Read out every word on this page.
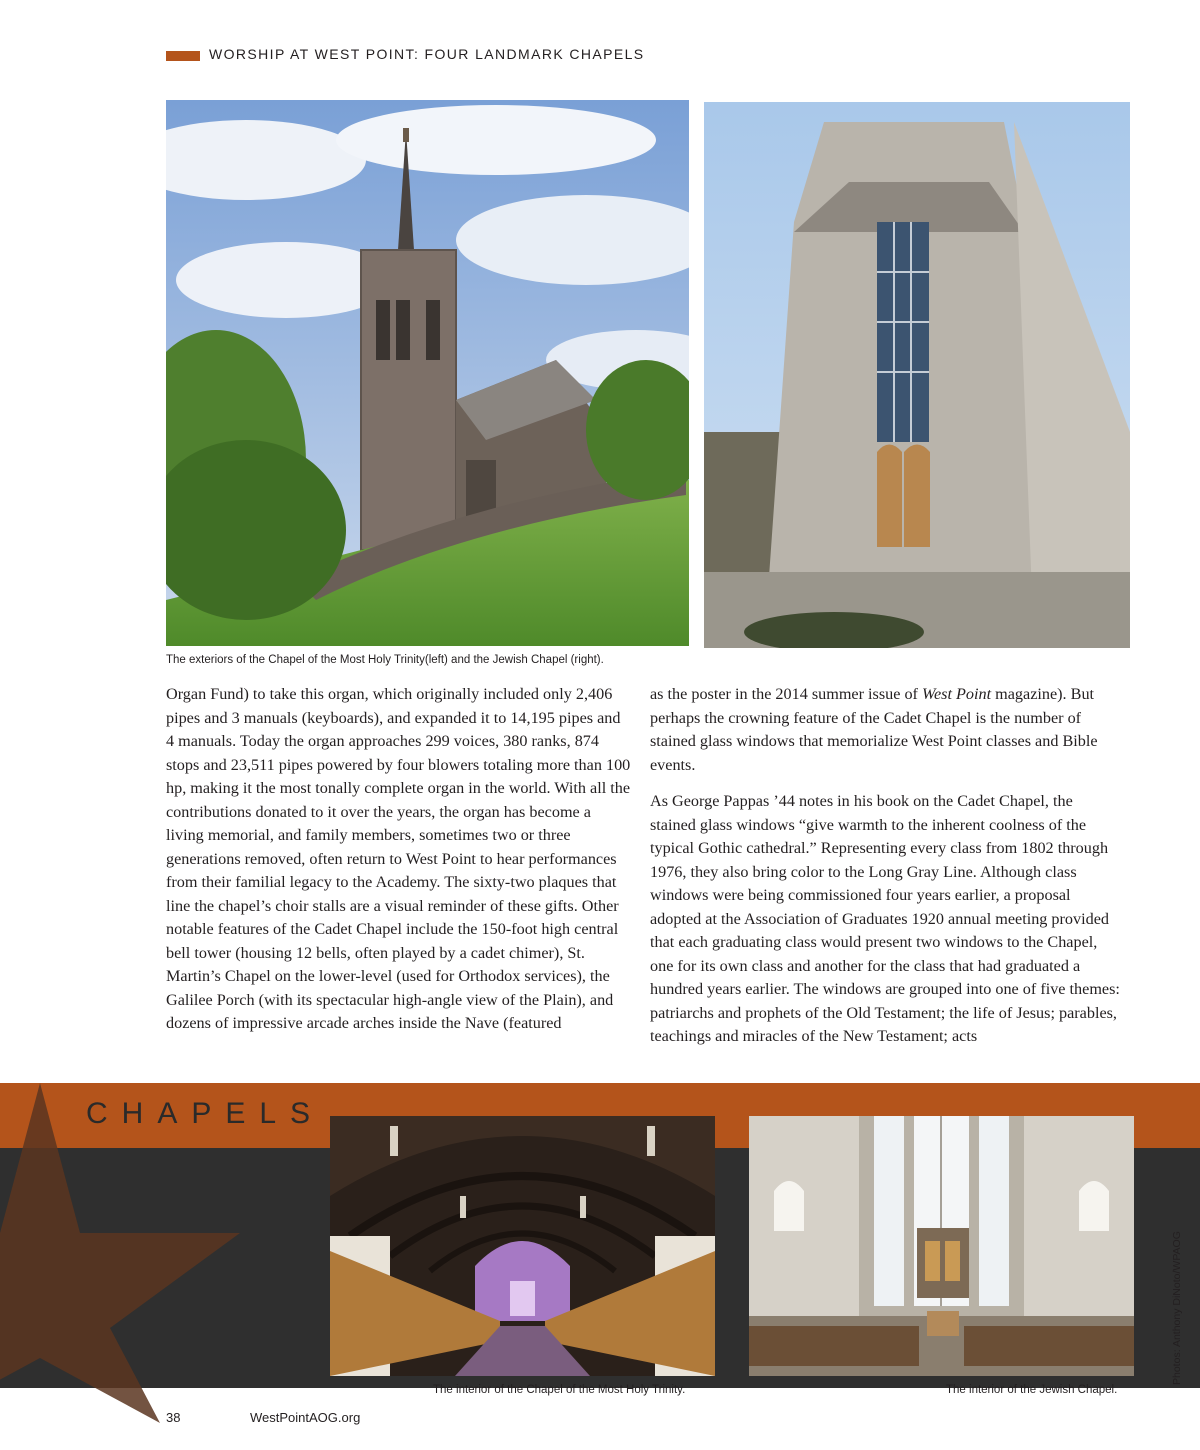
WORSHIP AT WEST POINT: FOUR LANDMARK CHAPELS
The exteriors of the Chapel of the Most Holy Trinity(left) and the Jewish Chapel (right).

Organ Fund) to take this organ, which originally included only 2,406 pipes and 3 manuals (keyboards), and expanded it to 14,195 pipes and 4 manuals. Today the organ approaches 299 voices, 380 ranks, 874 stops and 23,511 pipes powered by four blowers totaling more than 100 hp, making it the most tonally complete organ in the world. With all the contributions donated to it over the years, the organ has become a living memorial, and family members, sometimes two or three generations removed, often return to West Point to hear performances from their familial legacy to the Academy. The sixty-two plaques that line the chapel’s choir stalls are a visual reminder of these gifts. Other notable features of the Cadet Chapel include the 150-foot high central bell tower (housing 12 bells, often played by a cadet chimer), St. Martin’s Chapel on the lower-level (used for Orthodox services), the Galilee Porch (with its spectacular high-angle view of the Plain), and dozens of impressive arcade arches inside the Nave (featured

as the poster in the 2014 summer issue of West Point magazine). But perhaps the crowning feature of the Cadet Chapel is the number of stained glass windows that memorialize West Point classes and Bible events.

As George Pappas ’44 notes in his book on the Cadet Chapel, the stained glass windows “give warmth to the inherent coolness of the typical Gothic cathedral.” Representing every class from 1802 through 1976, they also bring color to the Long Gray Line. Although class windows were being commissioned four years earlier, a proposal adopted at the Association of Graduates 1920 annual meeting provided that each graduating class would present two windows to the Chapel, one for its own class and another for the class that had graduated a hundred years earlier. The windows are grouped into one of five themes: patriarchs and prophets of the Old Testament; the life of Jesus; parables, teachings and miracles of the New Testament; acts

CHAPELS
The interior of the Chapel of the Most Holy Trinity.	The interior of the Jewish Chapel.
Photos: Anthony DiNoto/WPAOG
38	WestPointAOG.org
